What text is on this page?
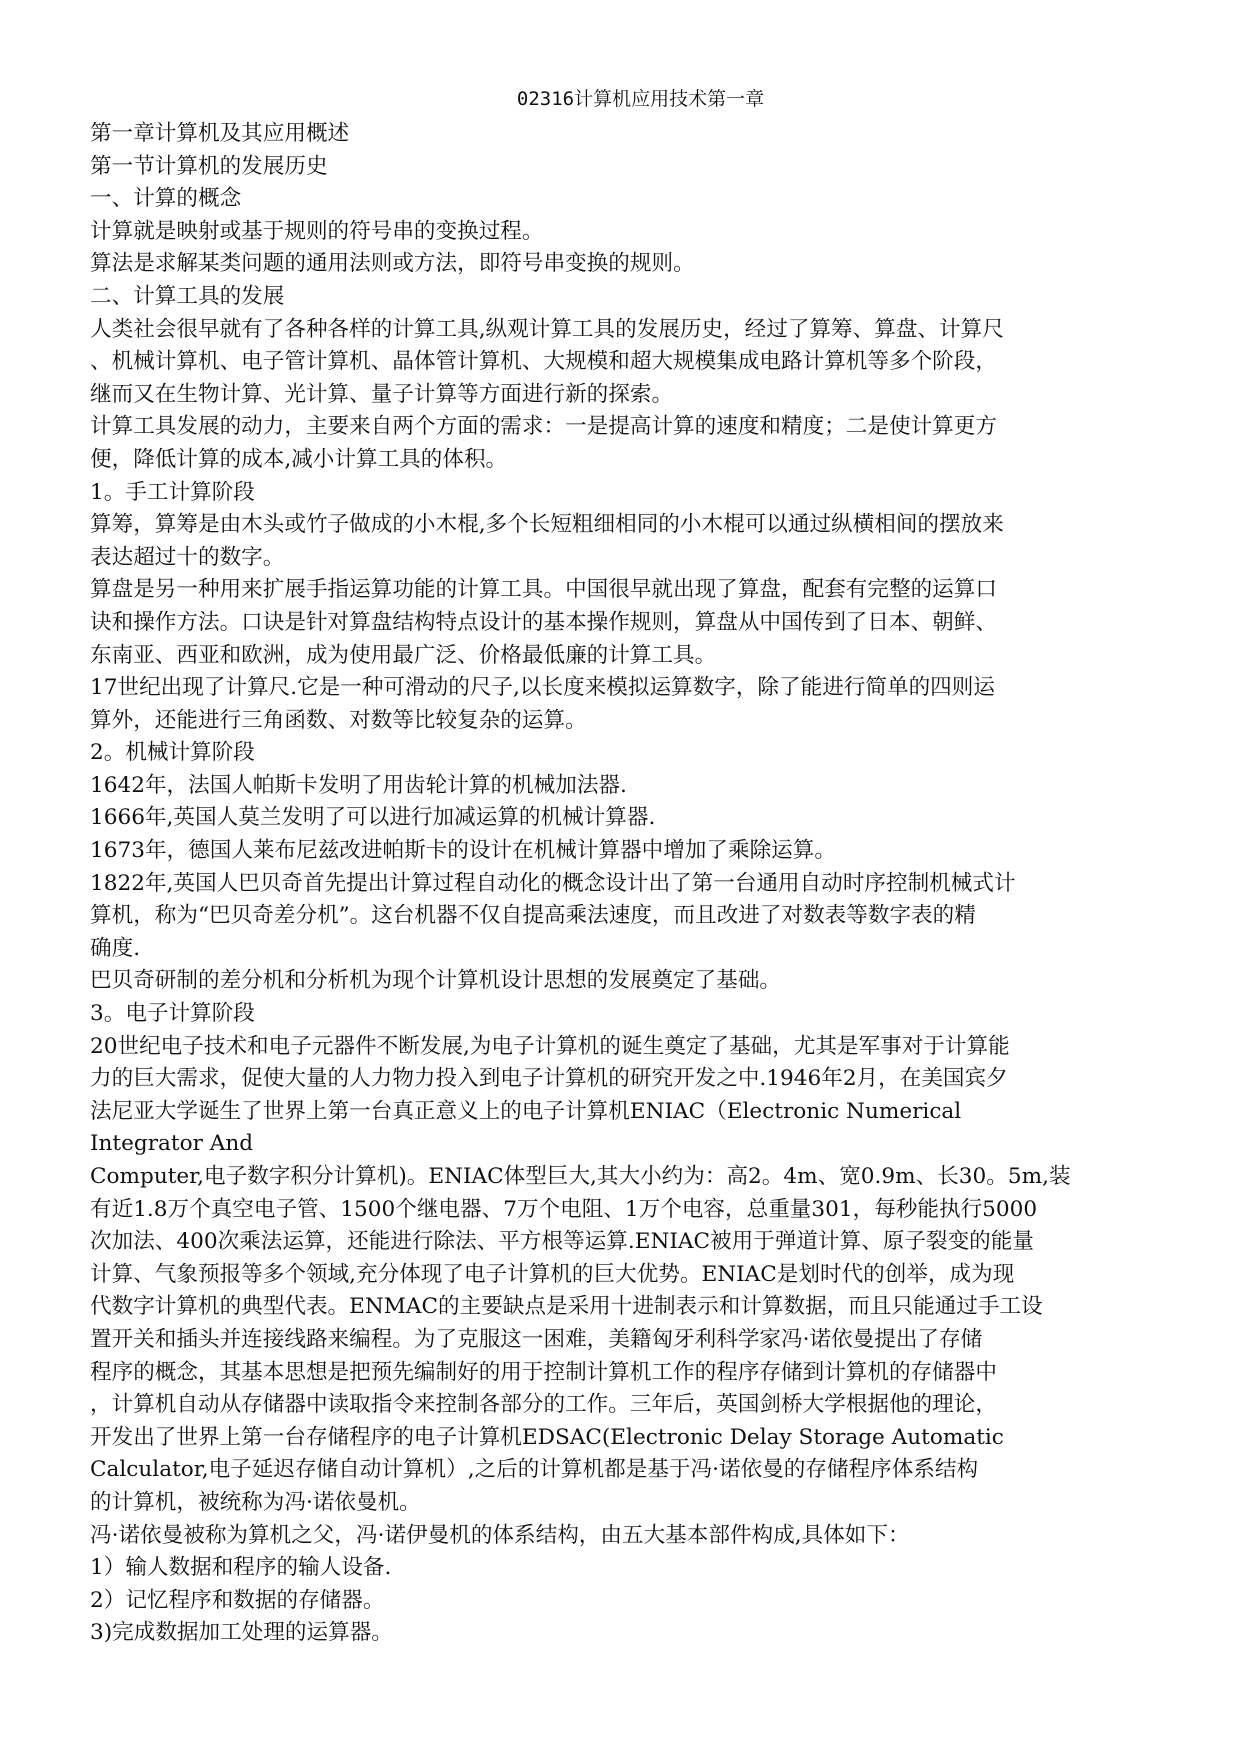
02316计算机应用技术第一章
第一章计算机及其应用概述
第一节计算机的发展历史
一、计算的概念
计算就是映射或基于规则的符号串的变换过程。
算法是求解某类问题的通用法则或方法，即符号串变换的规则。
二、计算工具的发展
人类社会很早就有了各种各样的计算工具,纵观计算工具的发展历史，经过了算筹、算盘、计算尺
、机械计算机、电子管计算机、晶体管计算机、大规模和超大规模集成电路计算机等多个阶段，
继而又在生物计算、光计算、量子计算等方面进行新的探索。
计算工具发展的动力，主要来自两个方面的需求：一是提高计算的速度和精度；二是使计算更方
便，降低计算的成本,减小计算工具的体积。
1。手工计算阶段
算筹，算筹是由木头或竹子做成的小木棍,多个长短粗细相同的小木棍可以通过纵横相间的摆放来
表达超过十的数字。
算盘是另一种用来扩展手指运算功能的计算工具。中国很早就出现了算盘，配套有完整的运算口
诀和操作方法。口诀是针对算盘结构特点设计的基本操作规则，算盘从中国传到了日本、朝鲜、
东南亚、西亚和欧洲，成为使用最广泛、价格最低廉的计算工具。
17世纪出现了计算尺.它是一种可滑动的尺子,以长度来模拟运算数字，除了能进行简单的四则运
算外，还能进行三角函数、对数等比较复杂的运算。
2。机械计算阶段
1642年，法国人帕斯卡发明了用齿轮计算的机械加法器.
1666年,英国人莫兰发明了可以进行加减运算的机械计算器.
1673年，德国人莱布尼兹改进帕斯卡的设计在机械计算器中增加了乘除运算。
1822年,英国人巴贝奇首先提出计算过程自动化的概念设计出了第一台通用自动时序控制机械式计
算机，称为“巴贝奇差分机”。这台机器不仅自提高乘法速度，而且改进了对数表等数字表的精
确度.
巴贝奇研制的差分机和分析机为现个计算机设计思想的发展奠定了基础。
3。电子计算阶段
20世纪电子技术和电子元器件不断发展,为电子计算机的诞生奠定了基础，尤其是军事对于计算能
力的巨大需求，促使大量的人力物力投入到电子计算机的研究开发之中.1946年2月，在美国宾夕
法尼亚大学诞生了世界上第一台真正意义上的电子计算机ENIAC（Electronic Numerical
Integrator And
Computer,电子数字积分计算机)。ENIAC体型巨大,其大小约为：高2。4m、宽0.9m、长30。5m,装
有近1.8万个真空电子管、1500个继电器、7万个电阻、1万个电容，总重量301，每秒能执行5000
次加法、400次乘法运算，还能进行除法、平方根等运算.ENIAC被用于弹道计算、原子裂变的能量
计算、气象预报等多个领域,充分体现了电子计算机的巨大优势。ENIAC是划时代的创举，成为现
代数字计算机的典型代表。ENMAC的主要缺点是采用十进制表示和计算数据，而且只能通过手工设
置开关和插头并连接线路来编程。为了克服这一困难，美籍匈牙利科学家冯·诺依曼提出了存储
程序的概念，其基本思想是把预先编制好的用于控制计算机工作的程序存储到计算机的存储器中
，计算机自动从存储器中读取指令来控制各部分的工作。三年后，英国剑桥大学根据他的理论，
开发出了世界上第一台存储程序的电子计算机EDSAC(Electronic Delay Storage Automatic
Calculator,电子延迟存储自动计算机）,之后的计算机都是基于冯·诺依曼的存储程序体系结构
的计算机，被统称为冯·诺依曼机。
冯·诺依曼被称为算机之父，冯·诺伊曼机的体系结构，由五大基本部件构成,具体如下：
1）输人数据和程序的输人设备.
2）记忆程序和数据的存储器。
3)完成数据加工处理的运算器。
